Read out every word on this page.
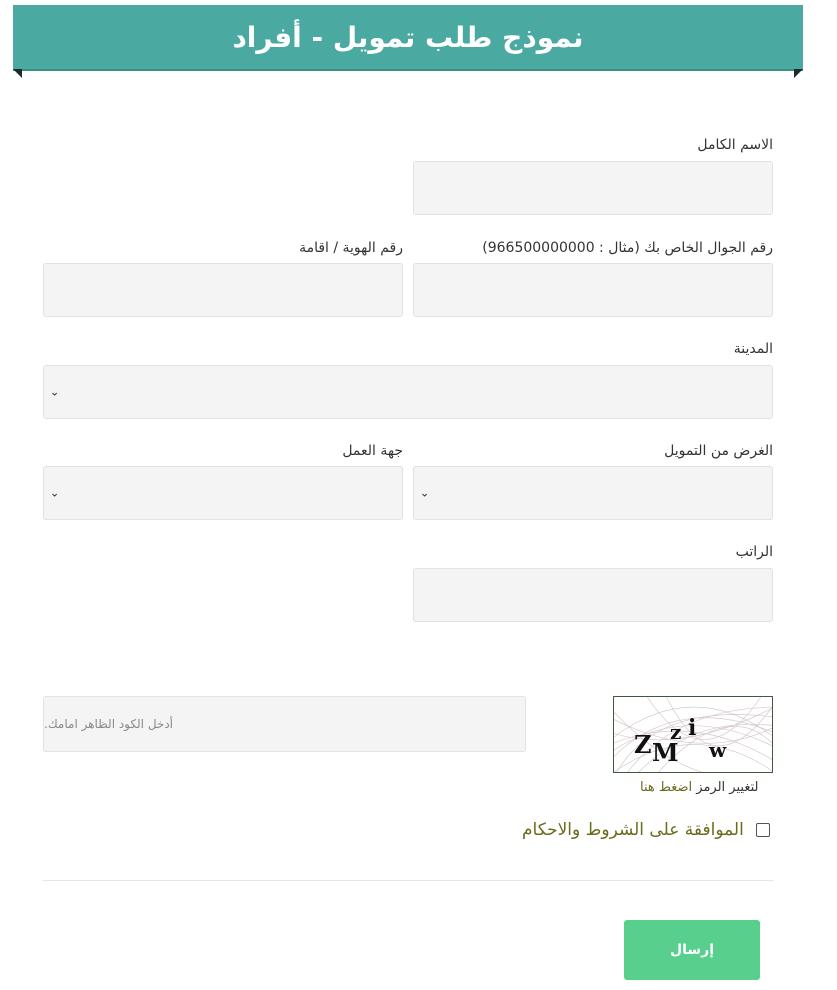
نموذج طلب تمويل - أفراد
الاسم الكامل
رقم الجوال الخاص بك (مثال : 966500000000)
رقم الهوية / اقامة
المدينة
⌄
الغرض من التمويل
⌄
جهة العمل
⌄
الراتب
أدخل الكود الظاهر امامك.
Z M
z i
w
لتغيير الرمز اضغط هنا
الموافقة على الشروط والاحكام
إرسال
